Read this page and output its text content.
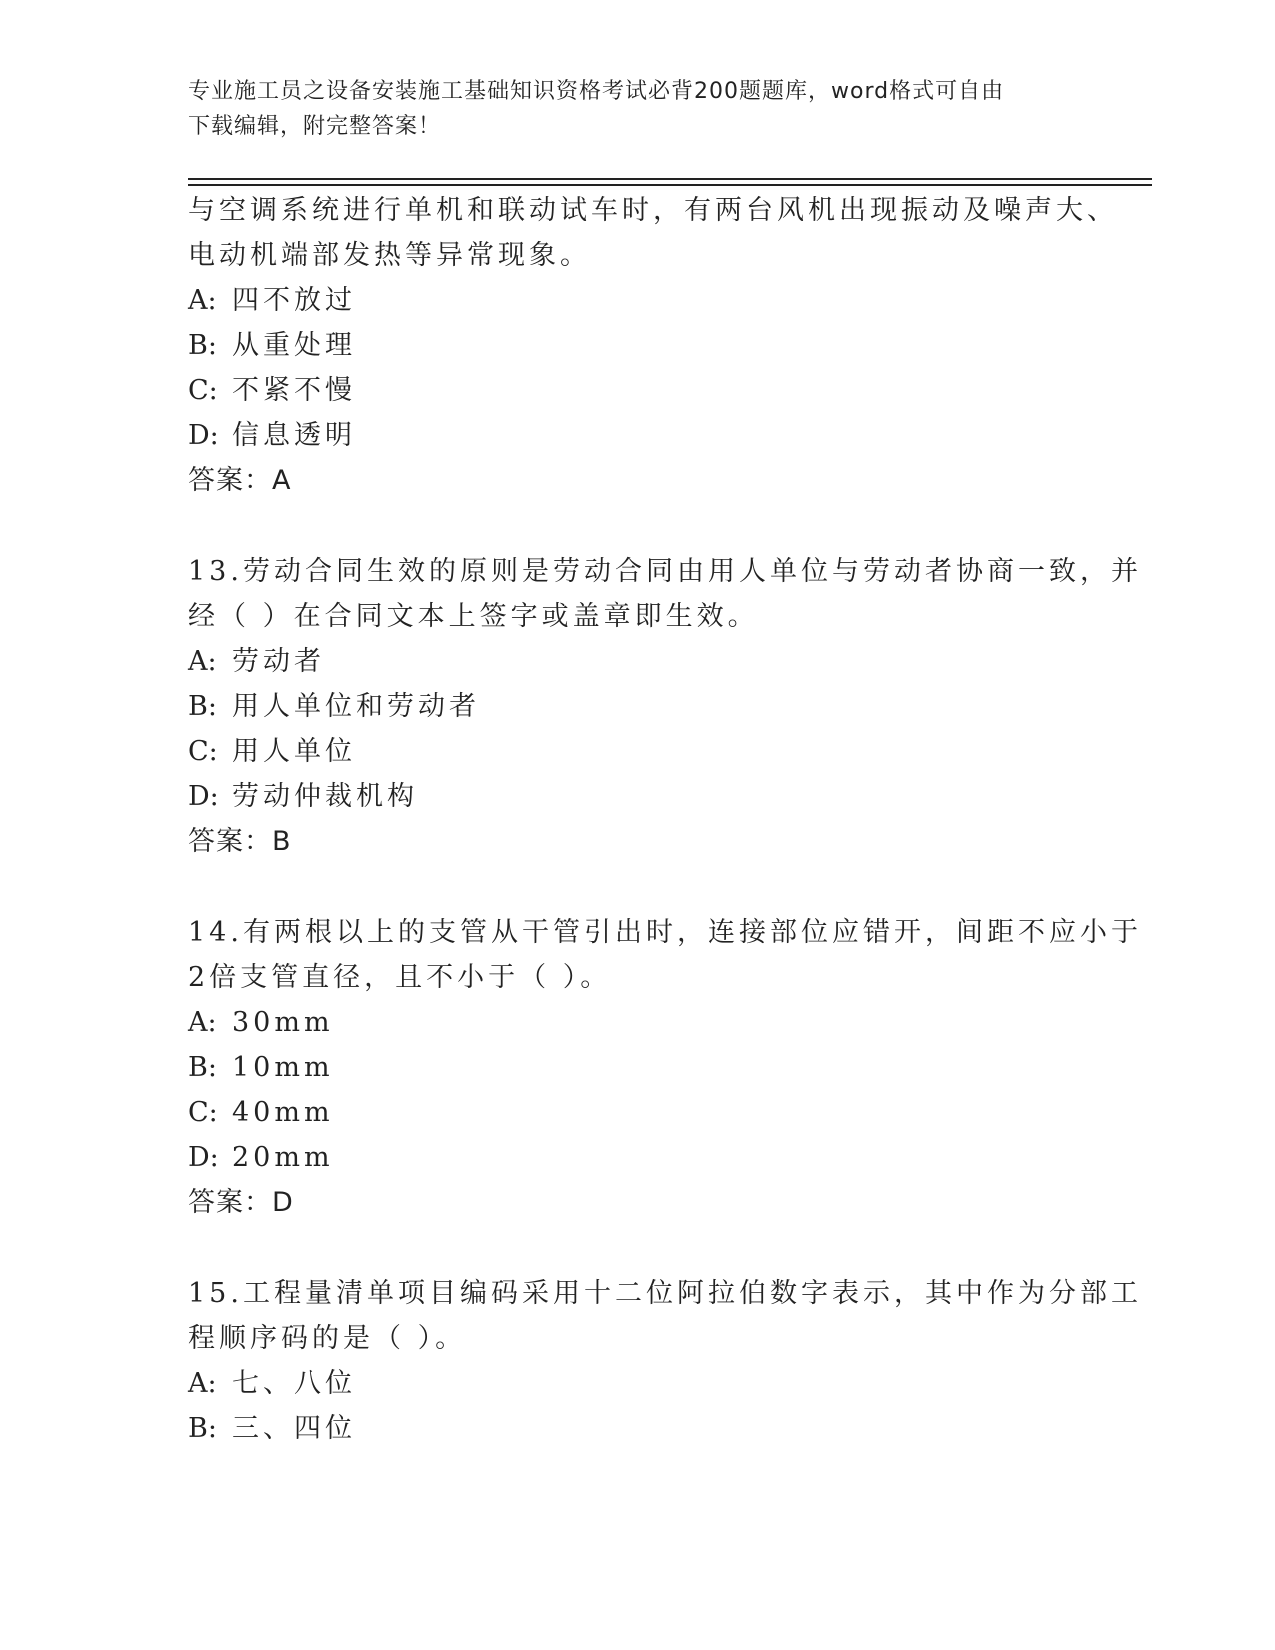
专业施工员之设备安装施工基础知识资格考试必背200题题库，word格式可自由
下载编辑，附完整答案！
与空调系统进行单机和联动试车时，有两台风机出现振动及噪声大、
电动机端部发热等异常现象。
A: 四不放过
B: 从重处理
C: 不紧不慢
D: 信息透明
答案：A
13.劳动合同生效的原则是劳动合同由用人单位与劳动者协商一致，并
经（ ）在合同文本上签字或盖章即生效。
A: 劳动者
B: 用人单位和劳动者
C: 用人单位
D: 劳动仲裁机构
答案：B
14.有两根以上的支管从干管引出时，连接部位应错开，间距不应小于
2倍支管直径，且不小于（ ）。
A: 30mm
B: 10mm
C: 40mm
D: 20mm
答案：D
15.工程量清单项目编码采用十二位阿拉伯数字表示，其中作为分部工
程顺序码的是（ ）。
A: 七、八位
B: 三、四位
